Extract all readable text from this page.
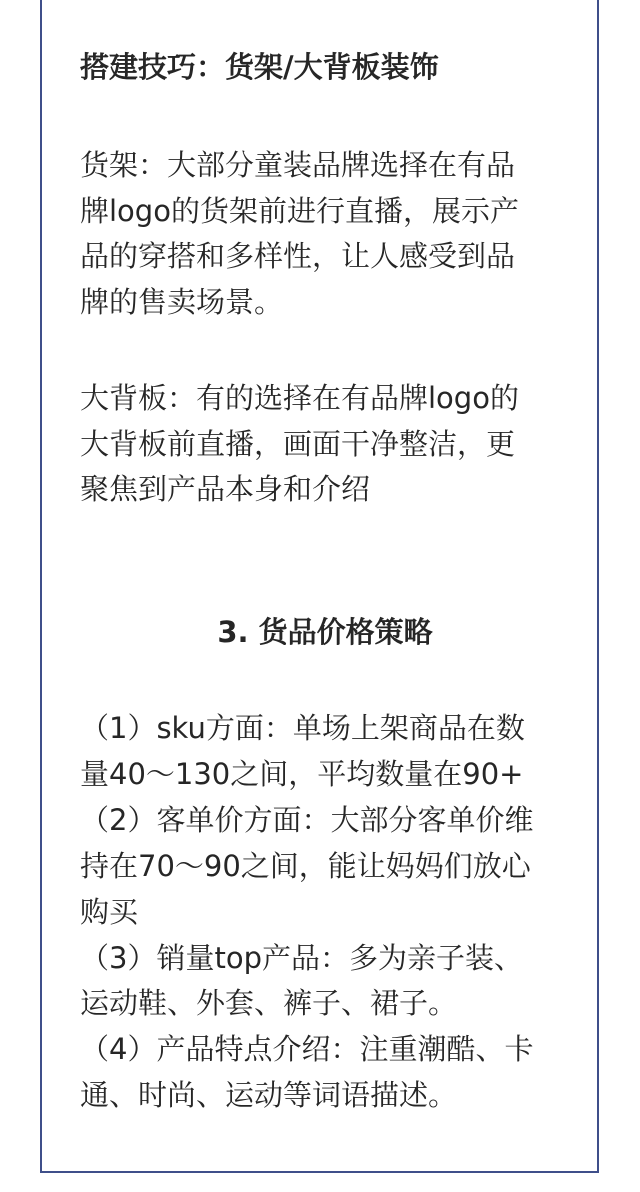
搭建技巧：货架/大背板装饰
货架：大部分童装品牌选择在有品
牌logo的货架前进行直播，展示产
品的穿搭和多样性，让人感受到品
牌的售卖场景。
大背板：有的选择在有品牌logo的
大背板前直播，画面干净整洁，更
聚焦到产品本身和介绍
3. 货品价格策略
（1）sku方面：单场上架商品在数
量40～130之间，平均数量在90+
（2）客单价方面：大部分客单价维
持在70～90之间，能让妈妈们放心
购买
（3）销量top产品：多为亲子装、
运动鞋、外套、裤子、裙子。
（4）产品特点介绍：注重潮酷、卡
通、时尚、运动等词语描述。
